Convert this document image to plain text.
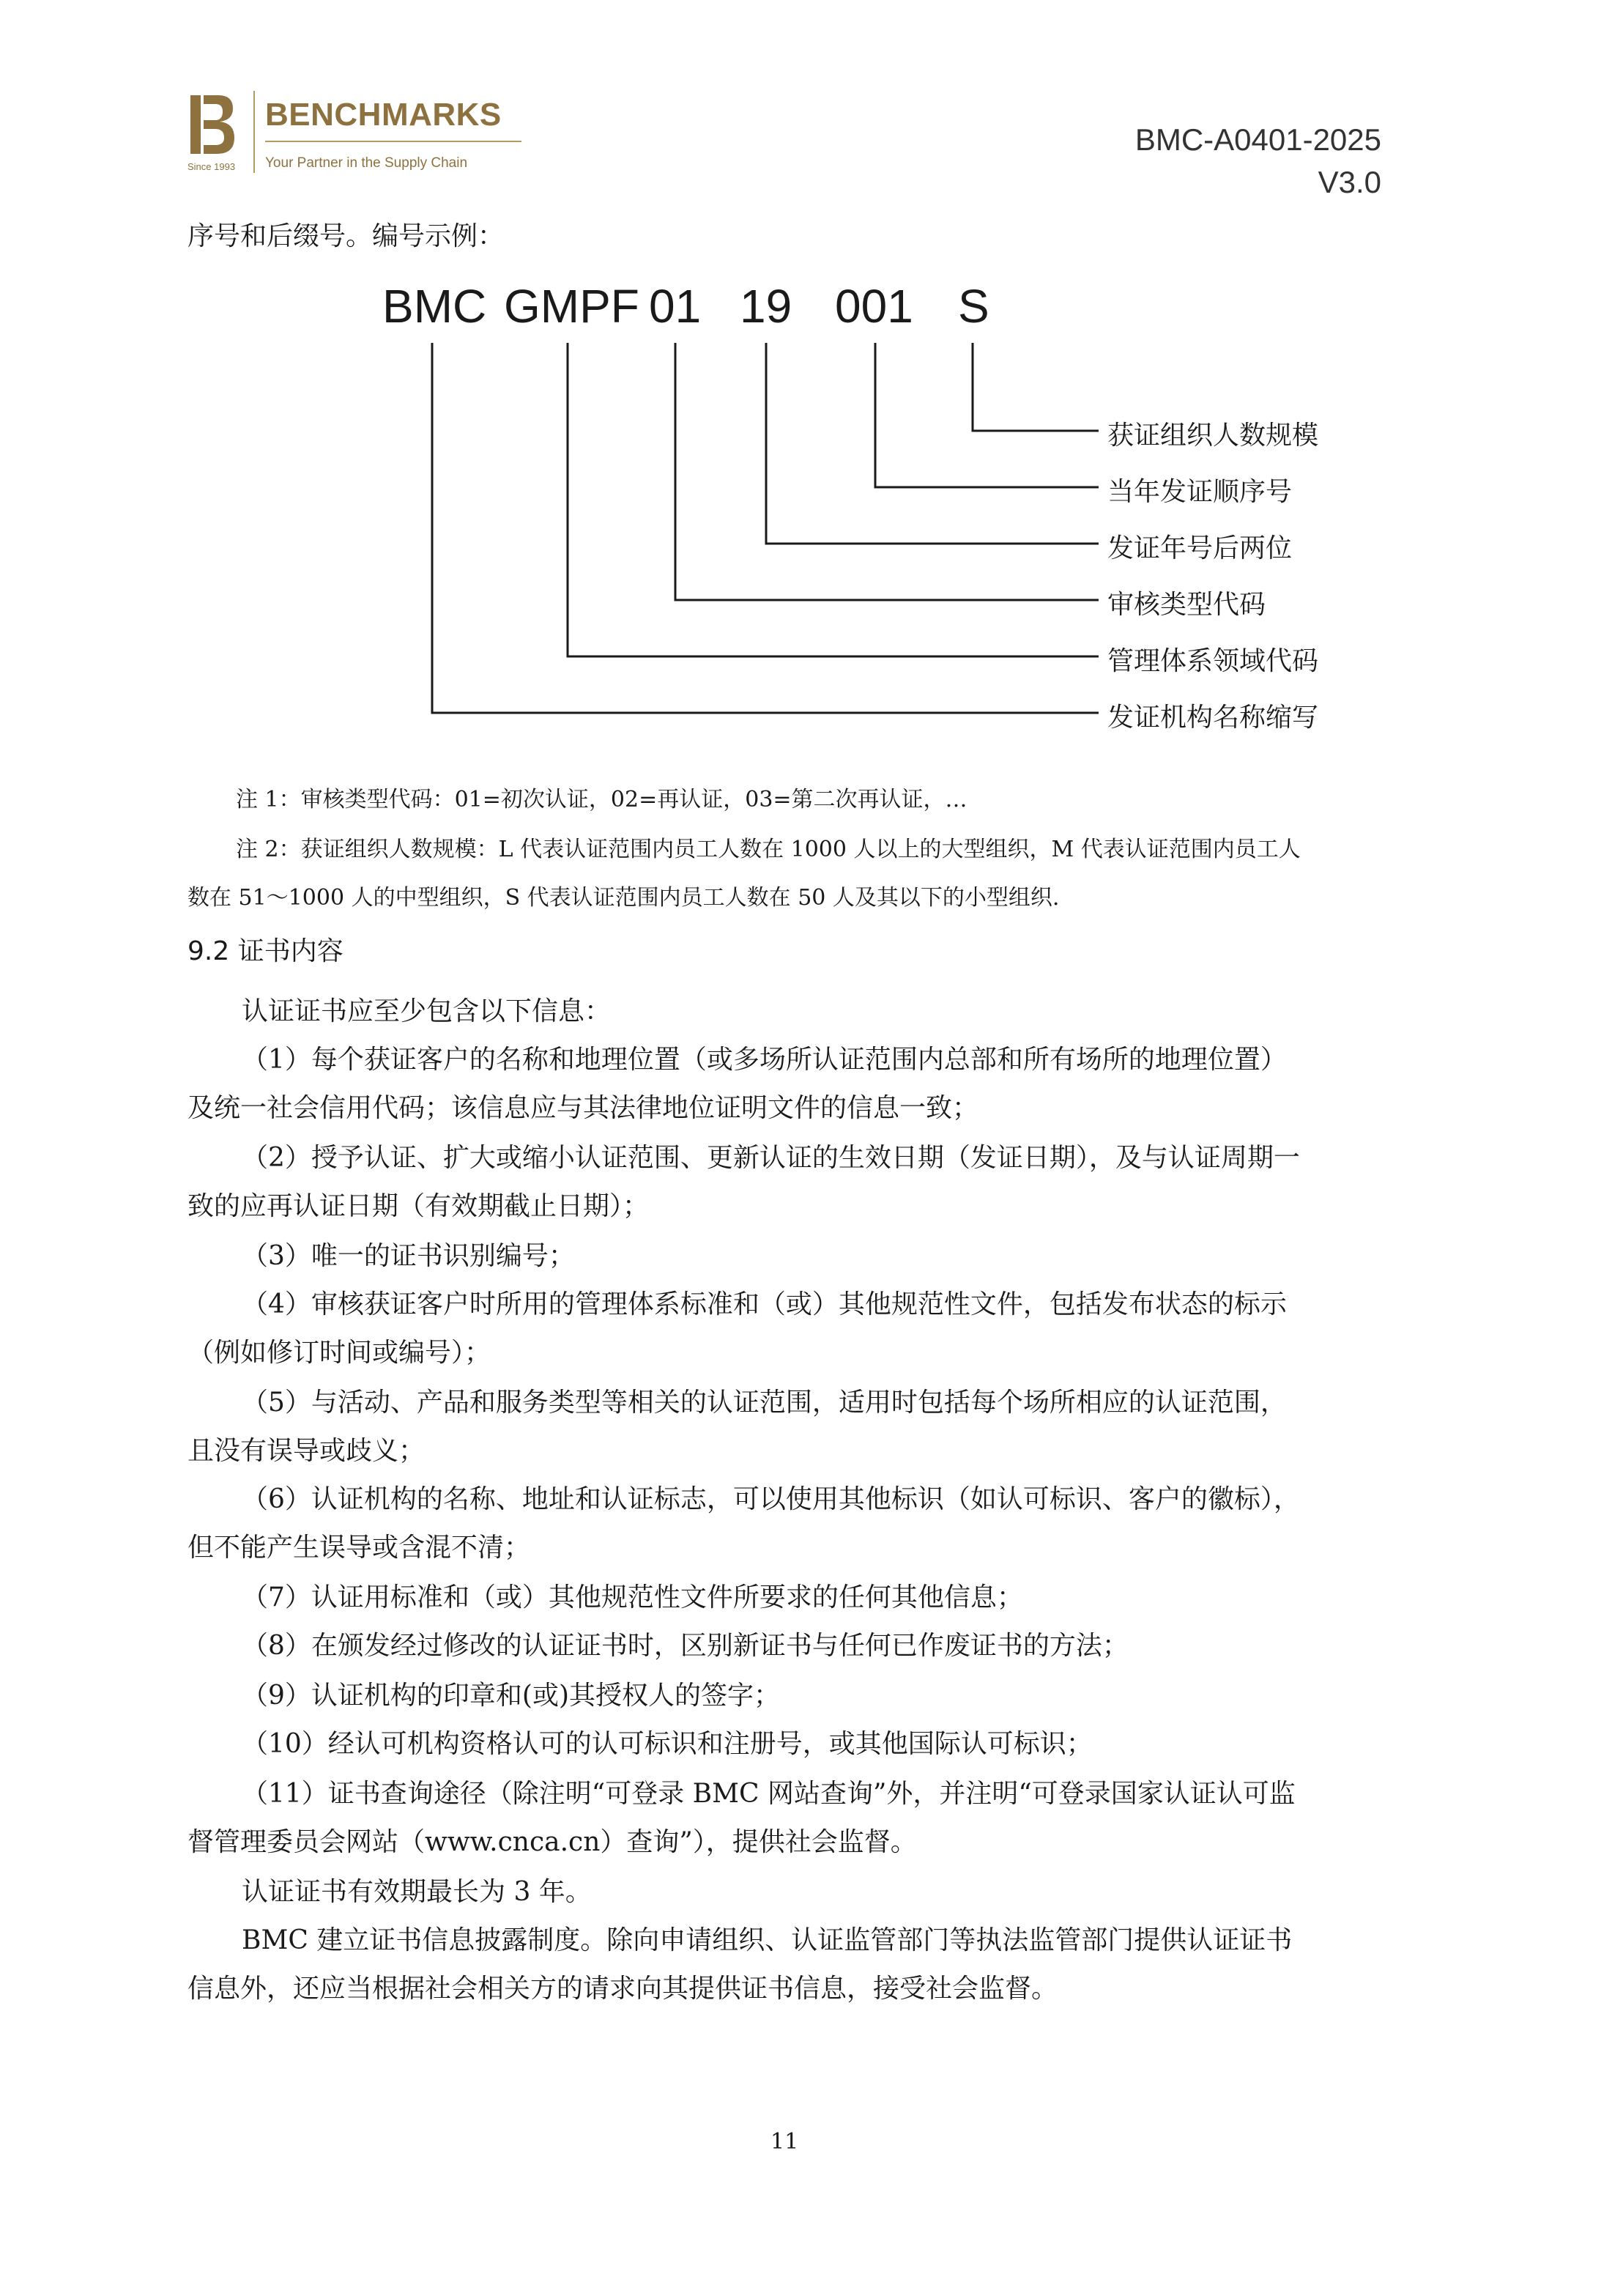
Since 1993
BENCHMARKS
Your Partner in the Supply Chain
BMC-A0401-2025
V3.0
序号和后缀号。编号示例：
BMC GMPF 01 19 001 S
获证组织人数规模
当年发证顺序号
发证年号后两位
审核类型代码
管理体系领域代码
发证机构名称缩写
注 1：审核类型代码：01=初次认证，02=再认证，03=第二次再认证，…
注 2：获证组织人数规模：L 代表认证范围内员工人数在 1000 人以上的大型组织，M 代表认证范围内员工人
数在 51～1000 人的中型组织，S 代表认证范围内员工人数在 50 人及其以下的小型组织.
9.2 证书内容
认证证书应至少包含以下信息：
（1）每个获证客户的名称和地理位置（或多场所认证范围内总部和所有场所的地理位置）
及统一社会信用代码；该信息应与其法律地位证明文件的信息一致；
（2）授予认证、扩大或缩小认证范围、更新认证的生效日期（发证日期），及与认证周期一
致的应再认证日期（有效期截止日期）；
（3）唯一的证书识别编号；
（4）审核获证客户时所用的管理体系标准和（或）其他规范性文件，包括发布状态的标示
（例如修订时间或编号）；
（5）与活动、产品和服务类型等相关的认证范围，适用时包括每个场所相应的认证范围，
且没有误导或歧义；
（6）认证机构的名称、地址和认证标志，可以使用其他标识（如认可标识、客户的徽标），
但不能产生误导或含混不清；
（7）认证用标准和（或）其他规范性文件所要求的任何其他信息；
（8）在颁发经过修改的认证证书时，区别新证书与任何已作废证书的方法；
（9）认证机构的印章和(或)其授权人的签字；
（10）经认可机构资格认可的认可标识和注册号，或其他国际认可标识；
（11）证书查询途径（除注明“可登录 BMC 网站查询”外，并注明“可登录国家认证认可监
督管理委员会网站（www.cnca.cn）查询”），提供社会监督。
认证证书有效期最长为 3 年。
BMC 建立证书信息披露制度。除向申请组织、认证监管部门等执法监管部门提供认证证书
信息外，还应当根据社会相关方的请求向其提供证书信息，接受社会监督。
11
